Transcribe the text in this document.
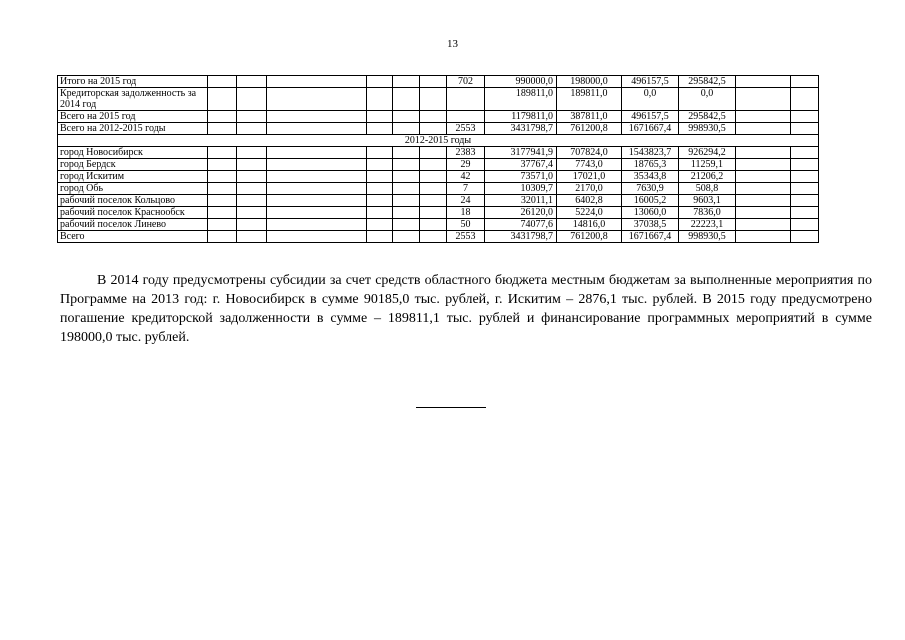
13
Итого на 2015 год							702	990000,0	198000,0	496157,5	295842,5		
Кредиторская задолженность за 2014 год								189811,0	189811,0	0,0	0,0		
Всего на 2015 год								1179811,0	387811,0	496157,5	295842,5		
Всего на 2012-2015 годы							2553	3431798,7	761200,8	1671667,4	998930,5		
2012-2015 годы													
город Новосибирск							2383	3177941,9	707824,0	1543823,7	926294,2		
город Бердск							29	37767,4	7743,0	18765,3	11259,1		
город Искитим							42	73571,0	17021,0	35343,8	21206,2		
город Обь							7	10309,7	2170,0	7630,9	508,8		
рабочий поселок Кольцово							24	32011,1	6402,8	16005,2	9603,1		
рабочий поселок Краснообск							18	26120,0	5224,0	13060,0	7836,0		
рабочий поселок Линево							50	74077,6	14816,0	37038,5	22223,1		
Всего							2553	3431798,7	761200,8	1671667,4	998930,5		

В 2014 году предусмотрены субсидии за счет средств областного бюджета местным бюджетам за выполненные мероприятия по Программе на 2013 год: г. Новосибирск в сумме 90185,0 тыс. рублей, г. Искитим – 2876,1 тыс. рублей. В 2015 году предусмотрено погашение кредиторской задолженности в сумме – 189811,1 тыс. рублей и финансирование программных мероприятий в сумме 198000,0 тыс. рублей.
